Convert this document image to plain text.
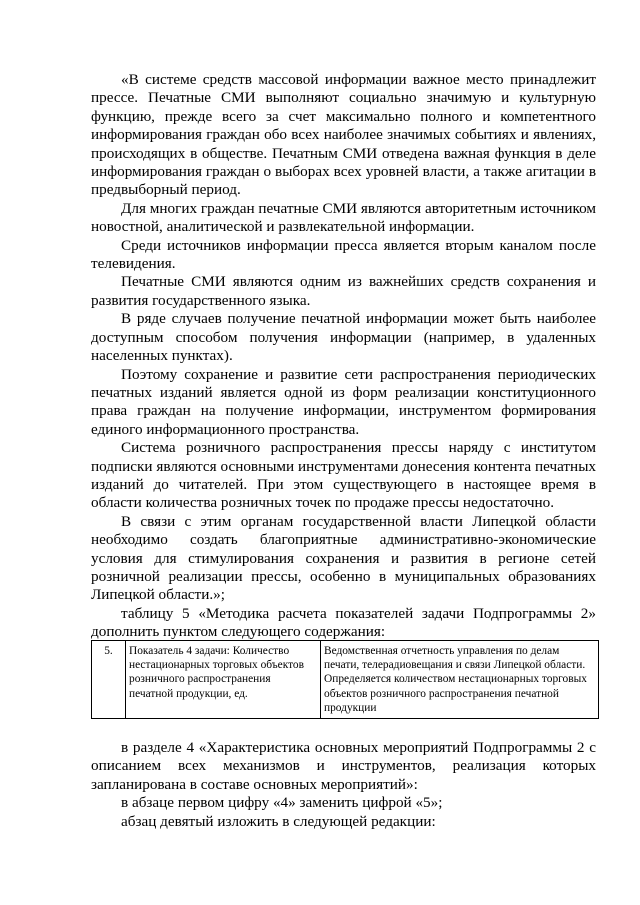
«В системе средств массовой информации важное место принадлежит прессе. Печатные СМИ выполняют социально значимую и культурную функцию, прежде всего за счет максимально полного и компетентного информирования граждан обо всех наиболее значимых событиях и явлениях, происходящих в обществе. Печатным СМИ отведена важная функция в деле информирования граждан о выборах всех уровней власти, а также агитации в предвыборный период.

Для многих граждан печатные СМИ являются авторитетным источником новостной, аналитической и развлекательной информации.

Среди источников информации пресса является вторым каналом после телевидения.

Печатные СМИ являются одним из важнейших средств сохранения и развития государственного языка.

В ряде случаев получение печатной информации может быть наиболее доступным способом получения информации (например, в удаленных населенных пунктах).

Поэтому сохранение и развитие сети распространения периодических печатных изданий является одной из форм реализации конституционного права граждан на получение информации, инструментом формирования единого информационного пространства.

Система розничного распространения прессы наряду с институтом подписки являются основными инструментами донесения контента печатных изданий до читателей. При этом существующего в настоящее время в области количества розничных точек по продаже прессы недостаточно.

В связи с этим органам государственной власти Липецкой области необходимо создать благоприятные административно-экономические условия для стимулирования сохранения и развития в регионе сетей розничной реализации прессы, особенно в муниципальных образованиях Липецкой области.»;

таблицу 5 «Методика расчета показателей задачи Подпрограммы 2» дополнить пунктом следующего содержания:

5.	Показатель 4 задачи: Количество нестационарных торговых объектов розничного распространения печатной продукции, ед.	Ведомственная отчетность управления по делам печати, телерадиовещания и связи Липецкой области. Определяется количеством нестационарных торговых объектов розничного распространения печатной продукции

в разделе 4 «Характеристика основных мероприятий Подпрограммы 2 с описанием всех механизмов и инструментов, реализация которых запланирована в составе основных мероприятий»:

в абзаце первом цифру «4» заменить цифрой «5»;

абзац девятый изложить в следующей редакции:
